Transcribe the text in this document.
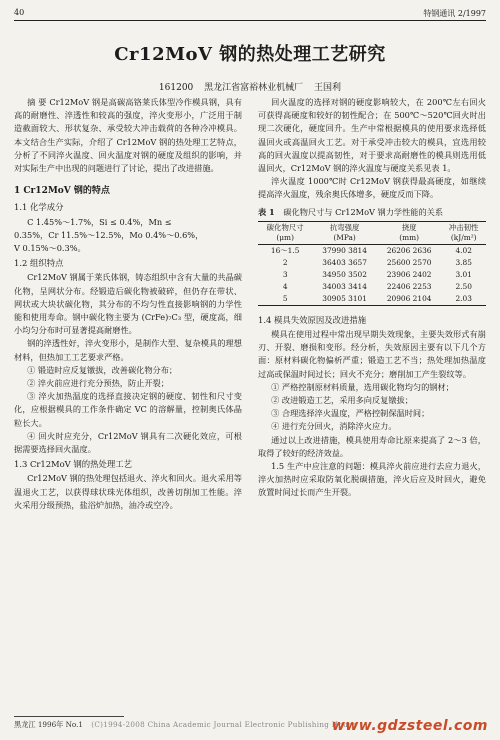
40	特钢通讯 2/1997
Cr12MoV 钢的热处理工艺研究
161200 黑龙江省富裕林业机械厂 王国利

摘 要 Cr12MoV 钢是高碳高铬莱氏体型冷作模具钢，具有高的耐磨性、淬透性和较高的强度，淬火变形小，广泛用于制造截面较大、形状复杂、承受较大冲击载荷的各种冷冲模具。本文结合生产实际，介绍了 Cr12MoV 钢的热处理工艺特点，分析了不同淬火温度、回火温度对钢的硬度及组织的影响，并对实际生产中出现的问题进行了讨论，提出了改进措施。

1 Cr12MoV 钢的特点
1.1 化学成分

C 1.45%～1.7%，Si ≤ 0.4%，Mn ≤

0.35%，Cr 11.5%～12.5%，Mo 0.4%～0.6%，

V 0.15%～0.3%。

1.2 组织特点

Cr12MoV 钢属于莱氏体钢，铸态组织中含有大量的共晶碳化物，呈网状分布。经锻造后碳化物被破碎，但仍存在带状、网状或大块状碳化物，其分布的不均匀性直接影响钢的力学性能和使用寿命。钢中碳化物主要为 (CrFe)₇C₃ 型，硬度高，细小均匀分布时可显著提高耐磨性。

钢的淬透性好，淬火变形小，是制作大型、复杂模具的理想材料，但热加工工艺要求严格。

① 锻造时应反复镦拔，改善碳化物分布；

② 淬火前应进行充分预热，防止开裂；

③ 淬火加热温度的选择直接决定钢的硬度、韧性和尺寸变化，应根据模具的工作条件确定 VC 的溶解量，控制奥氏体晶粒长大。

④ 回火时应充分，Cr12MoV 钢具有二次硬化效应，可根据需要选择回火温度。

1.3 Cr12MoV 钢的热处理工艺

Cr12MoV 钢的热处理包括退火、淬火和回火。退火采用等温退火工艺，以获得球状珠光体组织，改善切削加工性能。淬火采用分级预热，盐浴炉加热，油冷或空冷。

回火温度的选择对钢的硬度影响较大，在 200℃左右回火可获得高硬度和较好的韧性配合；在 500℃～520℃回火时出现二次硬化，硬度回升。生产中常根据模具的使用要求选择低温回火或高温回火工艺。对于承受冲击较大的模具，宜选用较高的回火温度以提高韧性，对于要求高耐磨性的模具则选用低温回火，Cr12MoV 钢的淬火温度与硬度关系见表 1。

淬火温度 1000℃时 Cr12MoV 钢获得最高硬度，如继续提高淬火温度，残余奥氏体增多，硬度反而下降。

表 1 碳化物尺寸与 Cr12MoV 钢力学性能的关系
碳化物尺寸
(μm)	抗弯强度
(MPa)	挠度
(mm)	冲击韧性
(kJ/m²)
16～1.5	37990 3814	26206 2636	4.02
2	36403 3657	25600 2570	3.85
3	34950 3502	23906 2402	3.01
4	34003 3414	22406 2253	2.50
5	30905 3101	20906 2104	2.03
1.4 模具失效原因及改进措施

模具在使用过程中常出现早期失效现象，主要失效形式有崩刃、开裂、磨损和变形。经分析，失效原因主要有以下几个方面：原材料碳化物偏析严重；锻造工艺不当；热处理加热温度过高或保温时间过长；回火不充分；磨削加工产生裂纹等。

① 严格控制原材料质量，选用碳化物均匀的钢材；

② 改进锻造工艺，采用多向反复镦拔；

③ 合理选择淬火温度，严格控制保温时间；

④ 进行充分回火，消除淬火应力。

通过以上改进措施，模具使用寿命比原来提高了 2～3 倍，取得了较好的经济效益。

1.5 生产中应注意的问题：模具淬火前应进行去应力退火，淬火加热时应采取防氧化脱碳措施，淬火后应及时回火，避免放置时间过长而产生开裂。

黑龙江 1996年 No.1 (C)1994-2008 China Academic Journal Electronic Publishing House
www.gdzsteel.com
